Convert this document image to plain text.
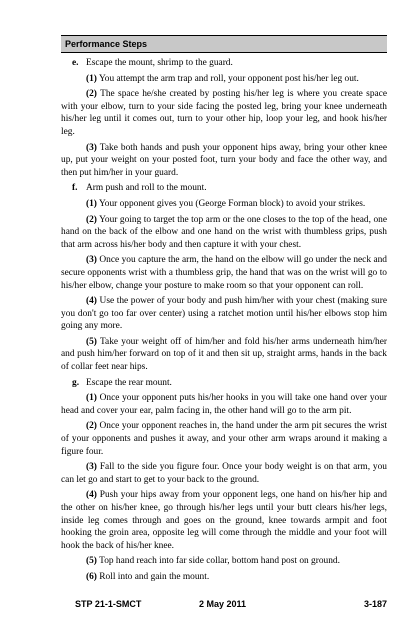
Performance Steps
e. Escape the mount, shrimp to the guard.

(1) You attempt the arm trap and roll, your opponent post his/her leg out.

(2) The space he/she created by posting his/her leg is where you create space with your elbow, turn to your side facing the posted leg, bring your knee underneath his/her leg until it comes out, turn to your other hip, loop your leg, and hook his/her leg.

(3) Take both hands and push your opponent hips away, bring your other knee up, put your weight on your posted foot, turn your body and face the other way, and then put him/her in your guard.

f. Arm push and roll to the mount.

(1) Your opponent gives you (George Forman block) to avoid your strikes.

(2) Your going to target the top arm or the one closes to the top of the head, one hand on the back of the elbow and one hand on the wrist with thumbless grips, push that arm across his/her body and then capture it with your chest.

(3) Once you capture the arm, the hand on the elbow will go under the neck and secure opponents wrist with a thumbless grip, the hand that was on the wrist will go to his/her elbow, change your posture to make room so that your opponent can roll.

(4) Use the power of your body and push him/her with your chest (making sure you don't go too far over center) using a ratchet motion until his/her elbows stop him going any more.

(5) Take your weight off of him/her and fold his/her arms underneath him/her and push him/her forward on top of it and then sit up, straight arms, hands in the back of collar feet near hips.

g. Escape the rear mount.

(1) Once your opponent puts his/her hooks in you will take one hand over your head and cover your ear, palm facing in, the other hand will go to the arm pit.

(2) Once your opponent reaches in, the hand under the arm pit secures the wrist of your opponents and pushes it away, and your other arm wraps around it making a figure four.

(3) Fall to the side you figure four. Once your body weight is on that arm, you can let go and start to get to your back to the ground.

(4) Push your hips away from your opponent legs, one hand on his/her hip and the other on his/her knee, go through his/her legs until your butt clears his/her legs, inside leg comes through and goes on the ground, knee towards armpit and foot hooking the groin area, opposite leg will come through the middle and your foot will hook the back of his/her knee.

(5) Top hand reach into far side collar, bottom hand post on ground.

(6) Roll into and gain the mount.

STP 21-1-SMCT	2 May 2011	3-187
